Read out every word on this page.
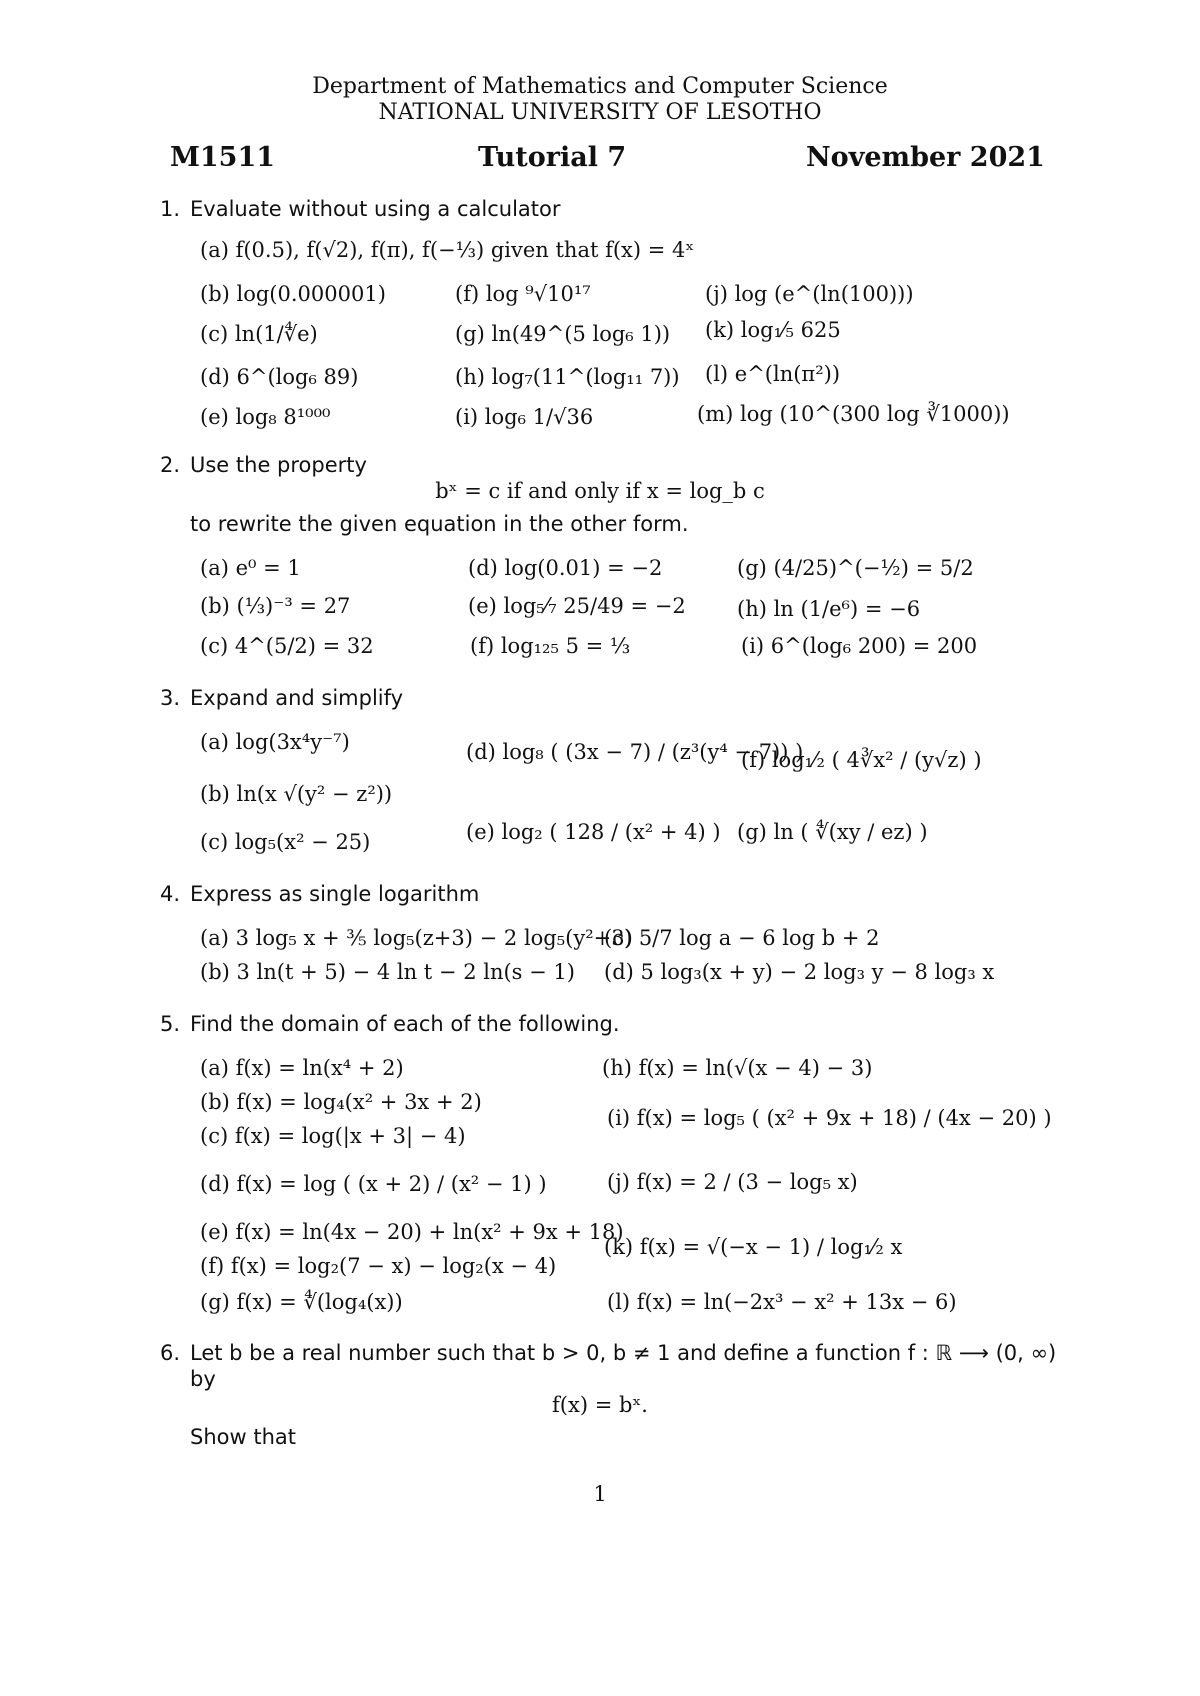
Department of Mathematics and Computer Science
NATIONAL UNIVERSITY OF LESOTHO
M1511	Tutorial 7	November 2021
1. Evaluate without using a calculator
(a) f(0.5), f(√2), f(π), f(−⅓) given that f(x) = 4ˣ
(b) log(0.000001)
(c) ln(1/∜e)
(d) 6^(log₆ 89)
(e) log₈ 8¹⁰⁰⁰
(f) log ⁹√10¹⁷
(g) ln(49^(5 log₆ 1))
(h) log₇(11^(log₁₁ 7))
(i) log₆ 1/√36
(j) log (e^(ln(100)))
(k) log₁⁄₅ 625
(l) e^(ln(π²))
(m) log (10^(300 log ∛1000))
2. Use the property
bˣ = c if and only if x = log_b c
to rewrite the given equation in the other form.
(a) e⁰ = 1
(b) (⅓)⁻³ = 27
(c) 4^(5/2) = 32
(d) log(0.01) = −2
(e) log₅⁄₇ 25/49 = −2
(f) log₁₂₅ 5 = ⅓
(g) (4/25)^(−½) = 5/2
(h) ln (1/e⁶) = −6
(i) 6^(log₆ 200) = 200
3. Expand and simplify
(a) log(3x⁴y⁻⁷)
(b) ln(x √(y² − z²))
(c) log₅(x² − 25)
(d) log₈ ( (3x − 7) / (z³(y⁴ − 7)) )
(e) log₂ ( 128 / (x² + 4) )
(f) log₁⁄₂ ( 4∛x² / (y√z) )
(g) ln ( ∜(xy / ez) )
4. Express as single logarithm
(a) 3 log₅ x + ⅗ log₅(z+3) − 2 log₅(y²+3)
(b) 3 ln(t + 5) − 4 ln t − 2 ln(s − 1)
(c) 5/7 log a − 6 log b + 2
(d) 5 log₃(x + y) − 2 log₃ y − 8 log₃ x
5. Find the domain of each of the following.
(a) f(x) = ln(x⁴ + 2)
(b) f(x) = log₄(x² + 3x + 2)
(c) f(x) = log(|x + 3| − 4)
(d) f(x) = log ( (x + 2) / (x² − 1) )
(e) f(x) = ln(4x − 20) + ln(x² + 9x + 18)
(f) f(x) = log₂(7 − x) − log₂(x − 4)
(g) f(x) = ∜(log₄(x))
(h) f(x) = ln(√(x − 4) − 3)
(i) f(x) = log₅ ( (x² + 9x + 18) / (4x − 20) )
(j) f(x) = 2 / (3 − log₅ x)
(k) f(x) = √(−x − 1) / log₁⁄₂ x
(l) f(x) = ln(−2x³ − x² + 13x − 6)
6. Let b be a real number such that b > 0, b ≠ 1 and define a function f : ℝ ⟶ (0, ∞)
by
f(x) = bˣ.
Show that
1
